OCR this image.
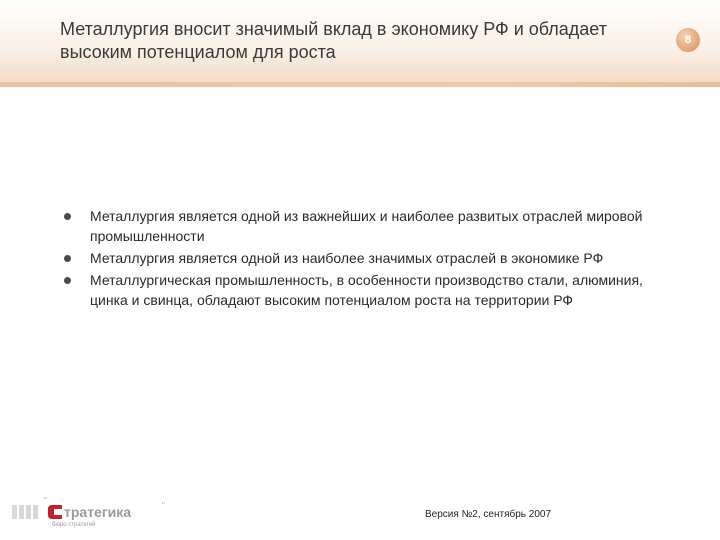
Металлургия вносит значимый вклад в экономику РФ и обладает высоким потенциалом для роста
8
Металлургия является одной из важнейших и наиболее развитых отраслей мировой промышленности
Металлургия является одной из наиболее значимых отраслей в экономике РФ
Металлургическая промышленность, в особенности производство стали, алюминия, цинка и свинца, обладают высоким потенциалом роста на территории РФ
"
тратегика	"
бюро стратегий
Версия №2, сентябрь 2007
